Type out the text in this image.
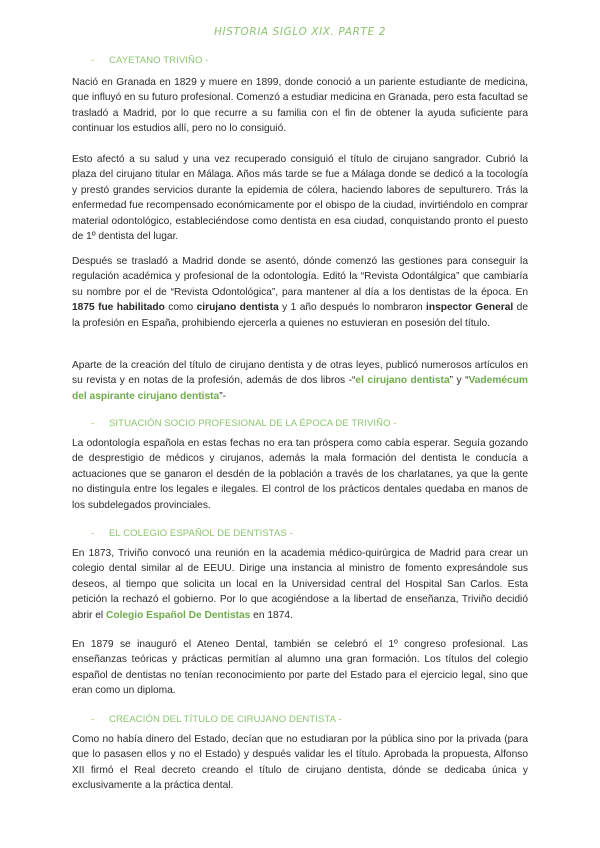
HISTORIA SIGLO XIX. PARTE 2
- CAYETANO TRIVIÑO -
Nació en Granada en 1829 y muere en 1899, donde conoció a un pariente estudiante de medicina, que influyó en su futuro profesional. Comenzó a estudiar medicina en Granada, pero esta facultad se trasladó a Madrid, por lo que recurre a su familia con el fin de obtener la ayuda suficiente para continuar los estudios allí, pero no lo consiguió.
Esto afectó a su salud y una vez recuperado consiguió el título de cirujano sangrador. Cubrió la plaza del cirujano titular en Málaga. Años más tarde se fue a Málaga donde se dedicó a la tocología y prestó grandes servicios durante la epidemia de cólera, haciendo labores de sepulturero. Trás la enfermedad fue recompensado económicamente por el obispo de la ciudad, invirtiéndolo en comprar material odontológico, estableciéndose como dentista en esa ciudad, conquistando pronto el puesto de 1º dentista del lugar.
Después se trasladó a Madrid donde se asentó, dónde comenzó las gestiones para conseguir la regulación académica y profesional de la odontología. Editó la “Revista Odontálgica” que cambiaría su nombre por el de “Revista Odontológica”, para mantener al día a los dentistas de la época. En 1875 fue habilitado como cirujano dentista y 1 año después lo nombraron inspector General de la profesión en España, prohibiendo ejercerla a quienes no estuvieran en posesión del título.
Aparte de la creación del título de cirujano dentista y de otras leyes, publicó numerosos artículos en su revista y en notas de la profesión, además de dos libros -“el cirujano dentista” y “Vademécum del aspirante cirujano dentista”-
- SITUACIÓN SOCIO PROFESIONAL DE LA ÉPOCA DE TRIVIÑO -
La odontología española en estas fechas no era tan próspera como cabía esperar. Seguía gozando de desprestigio de médicos y cirujanos, además la mala formación del dentista le conducía a actuaciones que se ganaron el desdén de la población a través de los charlatanes, ya que la gente no distinguía entre los legales e ilegales. El control de los prácticos dentales quedaba en manos de los subdelegados provinciales.
- EL COLEGIO ESPAÑOL DE DENTISTAS -
En 1873, Triviño convocó una reunión en la academia médico-quirúrgica de Madrid para crear un colegio dental similar al de EEUU. Dirige una instancia al ministro de fomento expresándole sus deseos, al tiempo que solicita un local en la Universidad central del Hospital San Carlos. Esta petición la rechazó el gobierno. Por lo que acogiéndose a la libertad de enseñanza, Triviño decidió abrir el Colegio Español De Dentistas en 1874.
En 1879 se inauguró el Ateneo Dental, también se celebró el 1º congreso profesional. Las enseñanzas teóricas y prácticas permitían al alumno una gran formación. Los títulos del colegio español de dentistas no tenían reconocimiento por parte del Estado para el ejercicio legal, sino que eran como un diploma.
- CREACIÓN DEL TÍTULO DE CIRUJANO DENTISTA -
Como no había dinero del Estado, decían que no estudiaran por la pública sino por la privada (para que lo pasasen ellos y no el Estado) y después validar les el título. Aprobada la propuesta, Alfonso XII firmó el Real decreto creando el título de cirujano dentista, dónde se dedicaba única y exclusivamente a la práctica dental.
